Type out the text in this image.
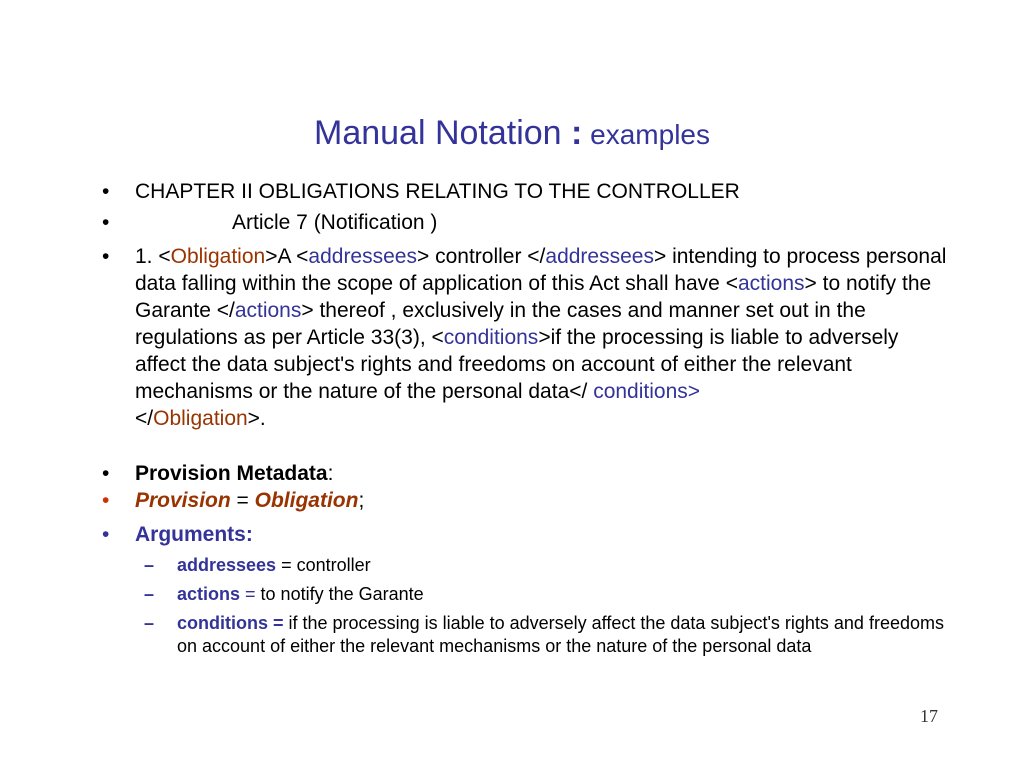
Manual Notation : examples
•	CHAPTER II OBLIGATIONS RELATING TO THE CONTROLLER
•	Article 7 (Notification )
•	1. <Obligation>A <addressees> controller </addressees> intending to process personal data falling within the scope of application of this Act shall have <actions> to notify the Garante </actions> thereof , exclusively in the cases and manner set out in the regulations as per Article 33(3), <conditions>if the processing is liable to adversely affect the data subject's rights and freedoms on account of either the relevant mechanisms or the nature of the personal data</ conditions>
</Obligation>.
•	Provision Metadata:
•	Provision = Obligation;
•	Arguments:
–	addressees = controller
–	actions = to notify the Garante
–	conditions = if the processing is liable to adversely affect the data subject's rights and freedoms on account of either the relevant mechanisms or the nature of the personal data
17
